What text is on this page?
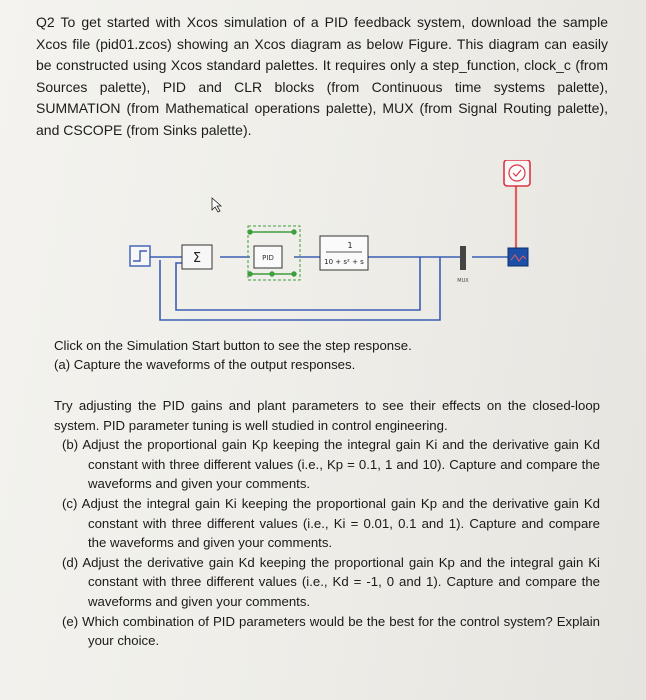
Q2 To get started with Xcos simulation of a PID feedback system, download the sample Xcos file (pid01.zcos) showing an Xcos diagram as below Figure. This diagram can easily be constructed using Xcos standard palettes. It requires only a step_function, clock_c (from Sources palette), PID and CLR blocks (from Continuous time systems palette), SUMMATION (from Mathematical operations palette), MUX (from Signal Routing palette), and CSCOPE (from Sinks palette).
Σ	PID
1
10 + s² + s
MUX

Click on the Simulation Start button to see the step response.

(a) Capture the waveforms of the output responses.

Try adjusting the PID gains and plant parameters to see their effects on the closed-loop system. PID parameter tuning is well studied in control engineering.

(b) Adjust the proportional gain Kp keeping the integral gain Ki and the derivative gain Kd constant with three different values (i.e., Kp = 0.1, 1 and 10). Capture and compare the waveforms and given your comments.

(c) Adjust the integral gain Ki keeping the proportional gain Kp and the derivative gain Kd constant with three different values (i.e., Ki = 0.01, 0.1 and 1). Capture and compare the waveforms and given your comments.

(d) Adjust the derivative gain Kd keeping the proportional gain Kp and the integral gain Ki constant with three different values (i.e., Kd = -1, 0 and 1). Capture and compare the waveforms and given your comments.

(e) Which combination of PID parameters would be the best for the control system? Explain your choice.
